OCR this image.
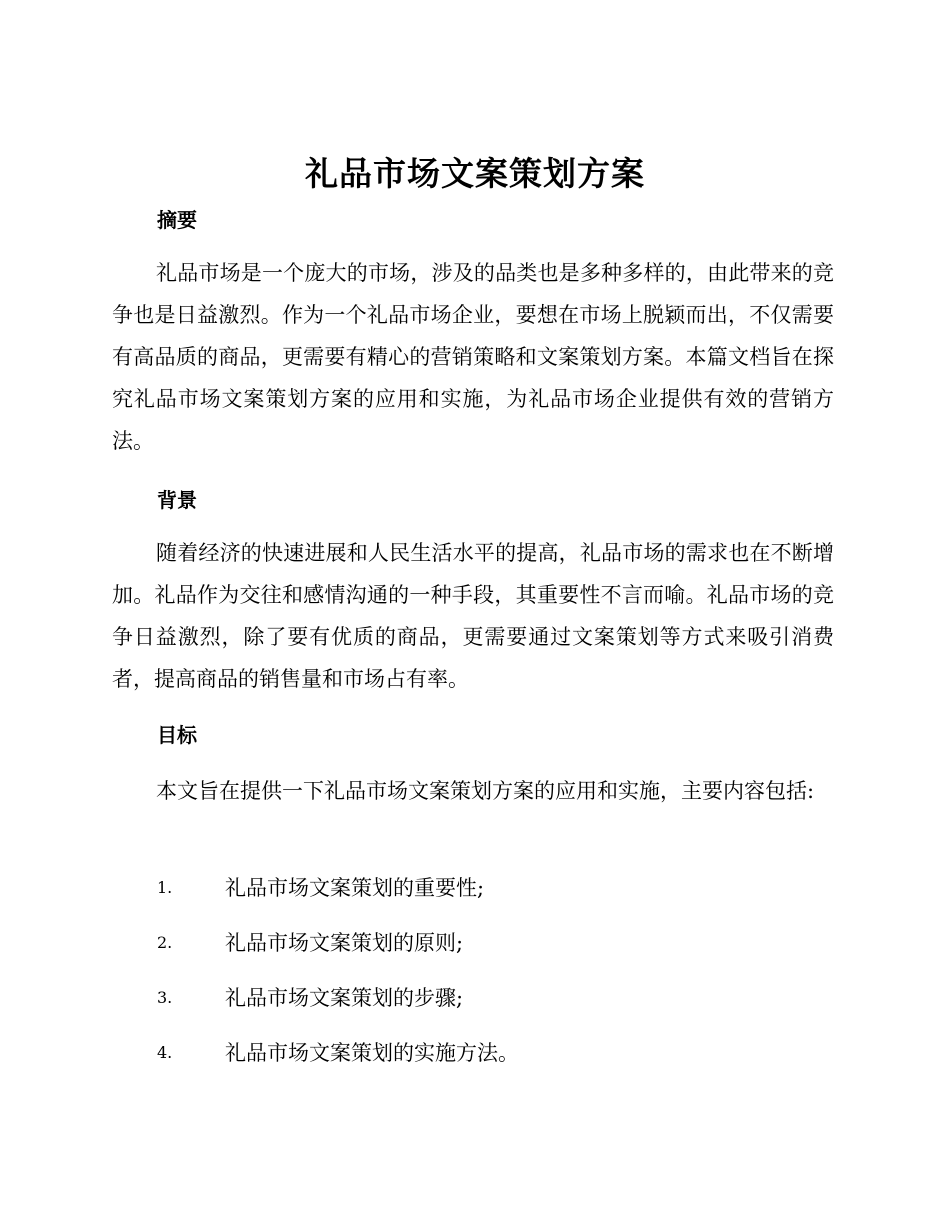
礼品市场文案策划方案
摘要

礼品市场是一个庞大的市场，涉及的品类也是多种多样的，由此带来的竞争也是日益激烈。作为一个礼品市场企业，要想在市场上脱颖而出，不仅需要有高品质的商品，更需要有精心的营销策略和文案策划方案。本篇文档旨在探究礼品市场文案策划方案的应用和实施，为礼品市场企业提供有效的营销方法。

背景

随着经济的快速进展和人民生活水平的提高，礼品市场的需求也在不断增加。礼品作为交往和感情沟通的一种手段，其重要性不言而喻。礼品市场的竞争日益激烈，除了要有优质的商品，更需要通过文案策划等方式来吸引消费者，提高商品的销售量和市场占有率。

目标

本文旨在提供一下礼品市场文案策划方案的应用和实施，主要内容包括:

1.	礼品市场文案策划的重要性;
2.	礼品市场文案策划的原则;
3.	礼品市场文案策划的步骤;
4.	礼品市场文案策划的实施方法。
